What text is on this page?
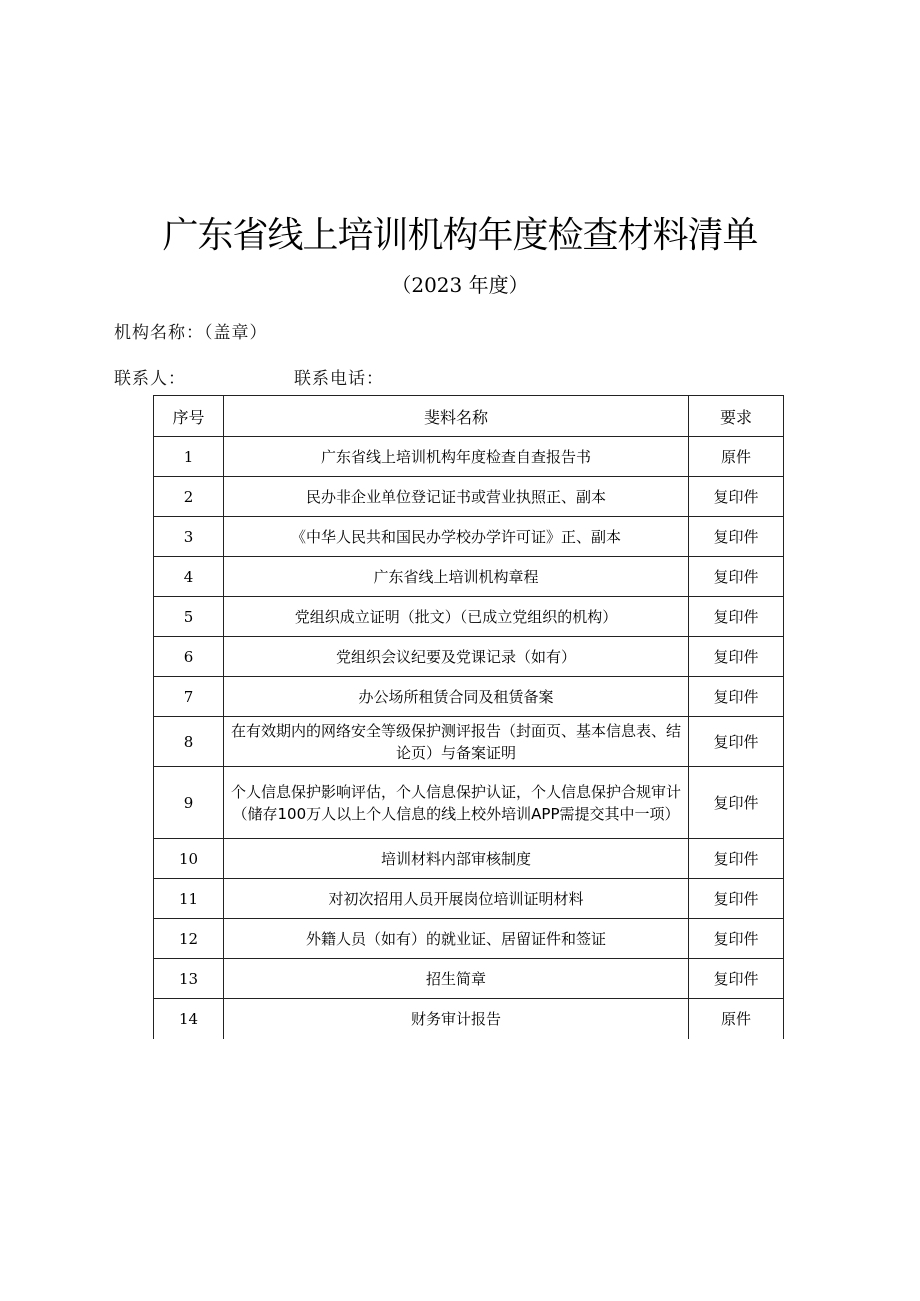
广东省线上培训机构年度检查材料清单
（2023 年度）
机构名称：（盖章）
联系人：	联系电话：
序号	斐料名称	要求
1	广东省线上培训机构年度检查自查报告书	原件
2	民办非企业单位登记证书或营业执照正、副本	复印件
3	《中华人民共和国民办学校办学许可证》正、副本	复印件
4	广东省线上培训机构章程	复印件
5	党组织成立证明（批文）（已成立党组织的机构）	复印件
6	党组织会议纪要及党课记录（如有）	复印件
7	办公场所租赁合同及租赁备案	复印件
8	在有效期内的网络安全等级保护测评报告（封面页、基本信息表、结论页）与备案证明	复印件
9	个人信息保护影响评估，个人信息保护认证，个人信息保护合规审计（储存100万人以上个人信息的线上校外培训APP需提交其中一项）	复印件
10	培训材料内部审核制度	复印件
11	对初次招用人员开展岗位培训证明材料	复印件
12	外籍人员（如有）的就业证、居留证件和签证	复印件
13	招生简章	复印件
14	财务审计报告	原件
